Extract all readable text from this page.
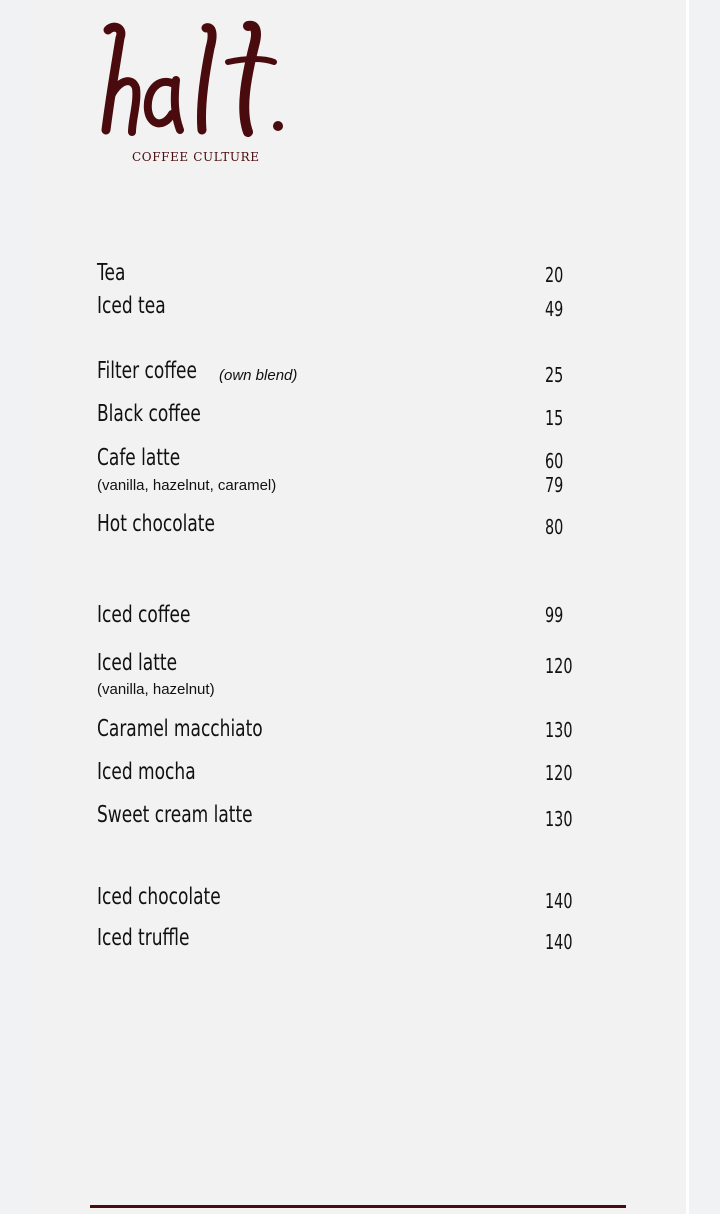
COFFEE CULTURE
Tea	20
Iced tea	49
Filter coffee (own blend)	25
Black coffee	15
Cafe latte	60
(vanilla, hazelnut, caramel)	79
Hot chocolate	80
Iced coffee	99
Iced latte	120
(vanilla, hazelnut)
Caramel macchiato	130
Iced mocha	120
Sweet cream latte	130
Iced chocolate	140
Iced truffle	140
